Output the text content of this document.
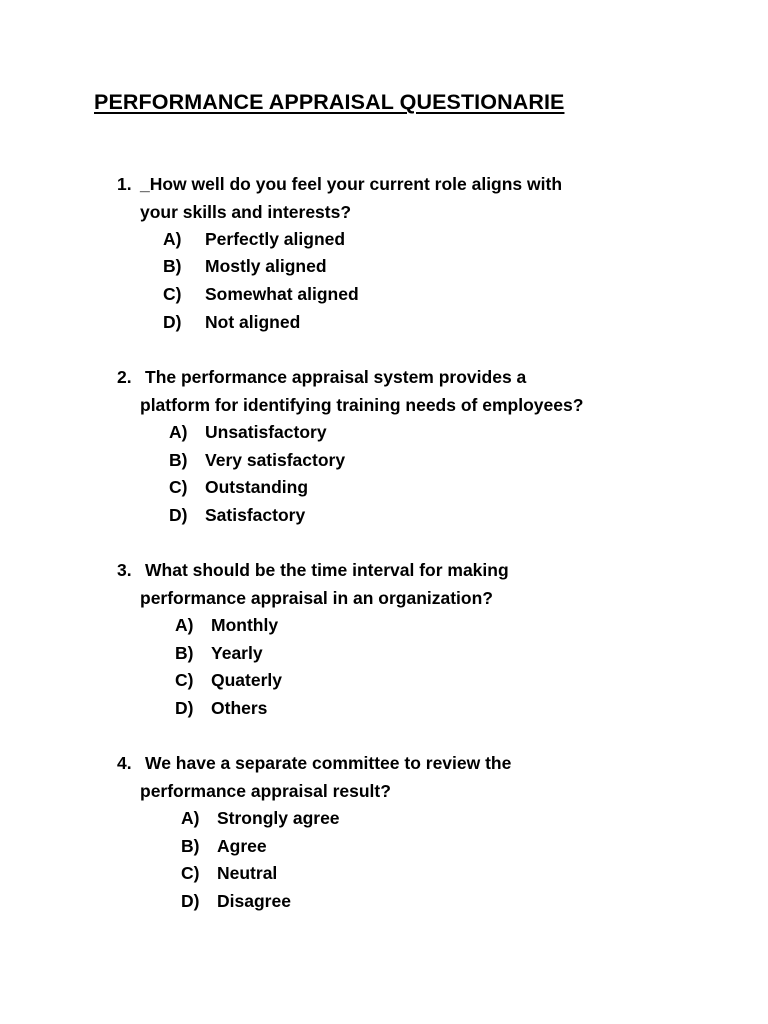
PERFORMANCE APPRAISAL QUESTIONARIE
1. _How well do you feel your current role aligns with
your skills and interests?
A) Perfectly aligned
B) Mostly aligned
C) Somewhat aligned
D) Not aligned
2. The performance appraisal system provides a
platform for identifying training needs of employees?
A) Unsatisfactory
B) Very satisfactory
C) Outstanding
D) Satisfactory
3. What should be the time interval for making
performance appraisal in an organization?
A) Monthly
B) Yearly
C) Quaterly
D) Others
4. We have a separate committee to review the
performance appraisal result?
A) Strongly agree
B) Agree
C) Neutral
D) Disagree
